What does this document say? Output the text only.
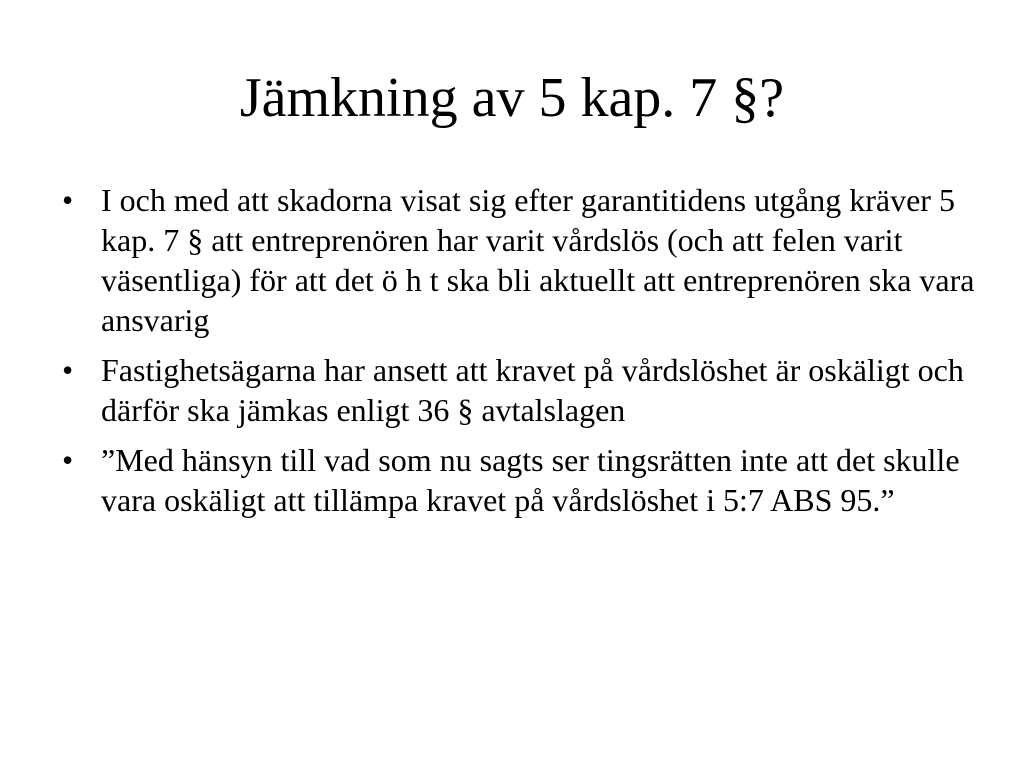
Jämkning av 5 kap. 7 §?
• I och med att skadorna visat sig efter garantitidens utgång kräver 5 kap. 7 § att entreprenören har varit vårdslös (och att felen varit väsentliga) för att det ö h t ska bli aktuellt att entreprenören ska vara ansvarig
• Fastighetsägarna har ansett att kravet på vårdslöshet är oskäligt och därför ska jämkas enligt 36 § avtalslagen
• ”Med hänsyn till vad som nu sagts ser tingsrätten inte att det skulle vara oskäligt att tillämpa kravet på vårdslöshet i 5:7 ABS 95.”
